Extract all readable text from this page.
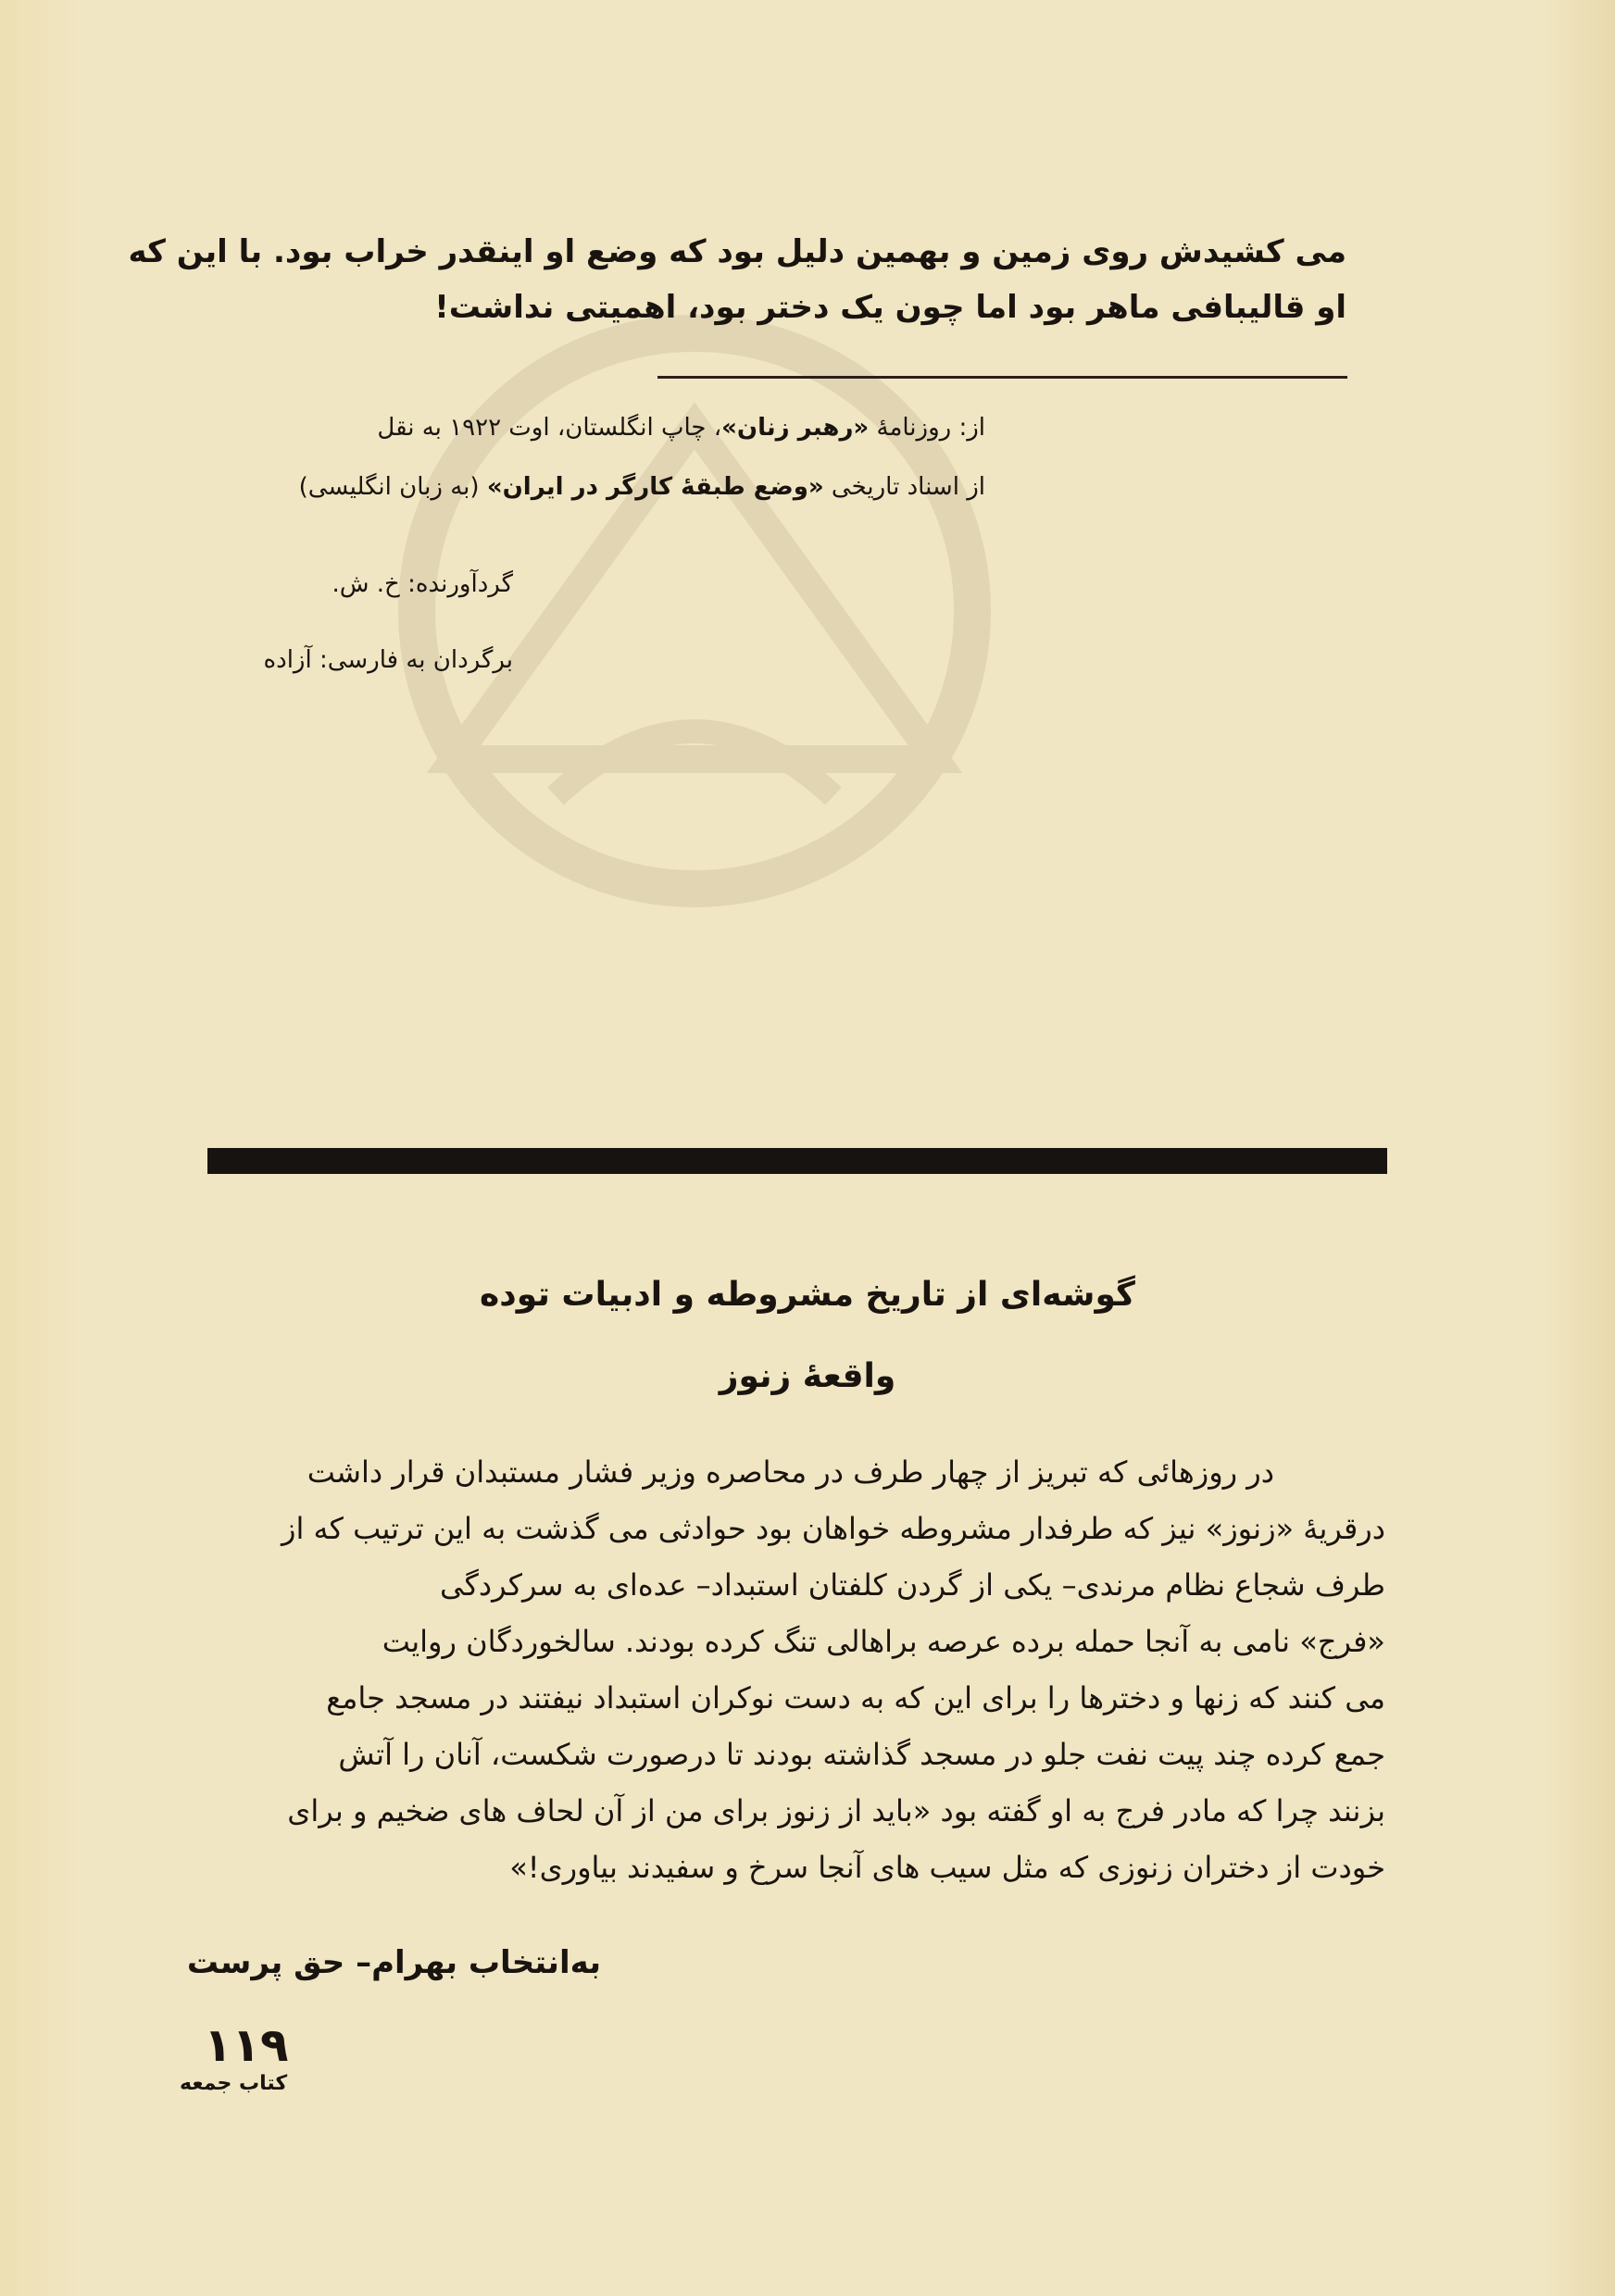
می کشیدش روی زمین و بهمین دلیل بود که وضع او اینقدر خراب بود. با این که
او قالیبافی ماهر بود اما چون یک دختر بود، اهمیتی نداشت!
از: روزنامهٔ «رهبر زنان»، چاپ انگلستان، اوت ۱۹۲۲ به نقل
از اسناد تاریخی «وضع طبقهٔ کارگر در ایران» (به زبان انگلیسی)
گردآورنده: خ. ش.
برگردان به فارسی: آزاده
گوشه‌ای از تاریخ مشروطه و ادبیات توده
واقعهٔ زنوز
در روزهائی که تبریز از چهار طرف در محاصره وزیر فشار مستبدان قرار داشت
درقریهٔ «زنوز» نیز که طرفدار مشروطه خواهان بود حوادثی می گذشت به این ترتیب که از
طرف شجاع نظام مرندی– یکی از گردن کلفتان استبداد– عده‌ای به سرکردگی
«فرج» نامی به آنجا حمله برده عرصه براهالی تنگ کرده بودند. سالخوردگان روایت
می کنند که زنها و دخترها را برای این که به دست نوکران استبداد نیفتند در مسجد جامع
جمع کرده چند پیت نفت جلو در مسجد گذاشته بودند تا درصورت شکست، آنان را آتش
بزنند چرا که مادر فرج به او گفته بود «باید از زنوز برای من از آن لحاف های ضخیم و برای
خودت از دختران زنوزی که مثل سیب های آنجا سرخ و سفیدند بیاوری!»
به‌انتخاب بهرام– حق پرست
۱۱۹
کتاب جمعه
